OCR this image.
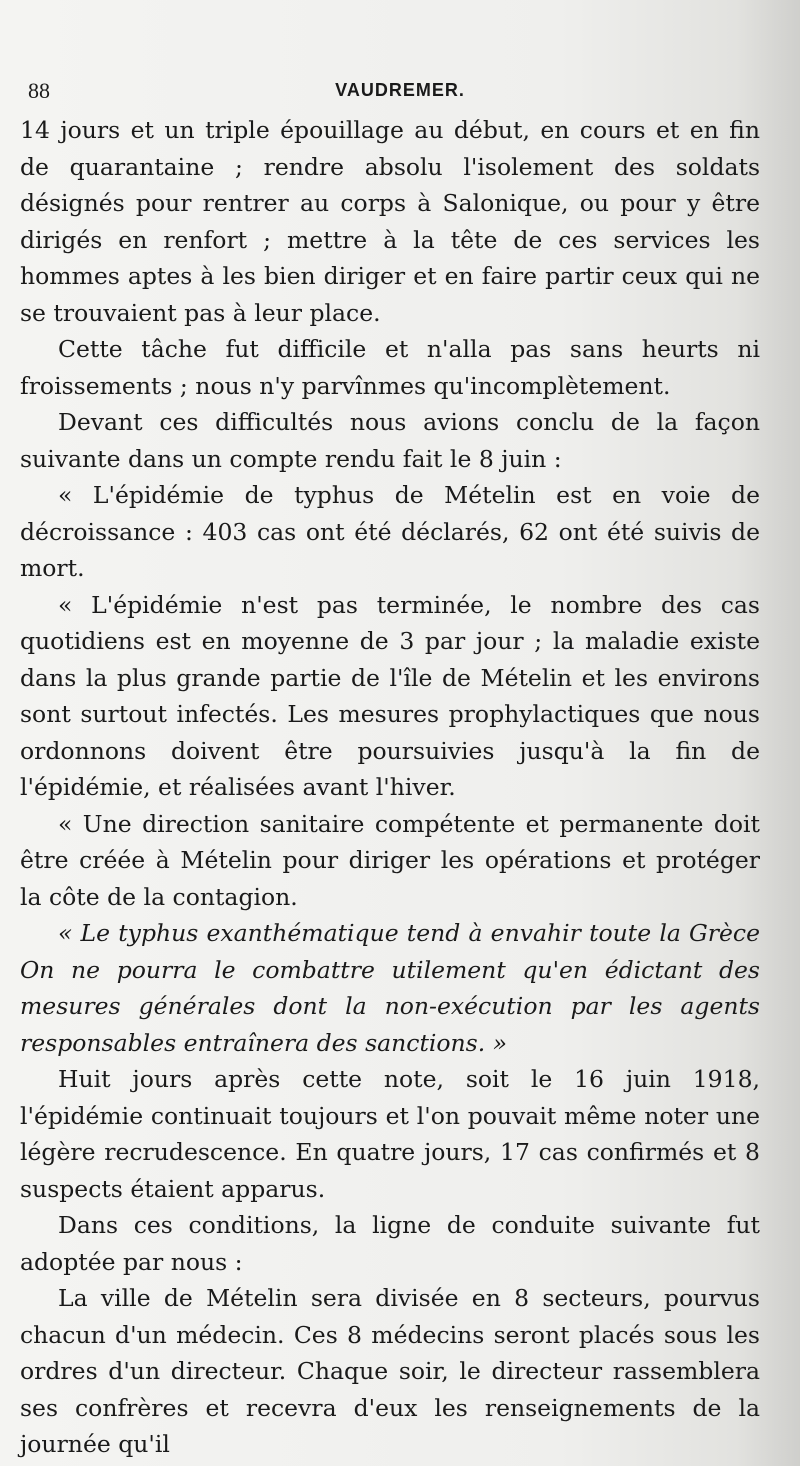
88	VAUDREMER.

14 jours et un triple épouillage au début, en cours et en fin de quarantaine ; rendre absolu l'isolement des soldats désignés pour rentrer au corps à Salonique, ou pour y être dirigés en renfort ; mettre à la tête de ces services les hommes aptes à les bien diriger et en faire partir ceux qui ne se trouvaient pas à leur place.

Cette tâche fut difficile et n'alla pas sans heurts ni froissements ; nous n'y parvînmes qu'incomplètement.

Devant ces difficultés nous avions conclu de la façon suivante dans un compte rendu fait le 8 juin :

« L'épidémie de typhus de Mételin est en voie de décroissance : 403 cas ont été déclarés, 62 ont été suivis de mort.

« L'épidémie n'est pas terminée, le nombre des cas quotidiens est en moyenne de 3 par jour ; la maladie existe dans la plus grande partie de l'île de Mételin et les environs sont surtout infectés. Les mesures prophylactiques que nous ordonnons doivent être poursuivies jusqu'à la fin de l'épidémie, et réalisées avant l'hiver.

« Une direction sanitaire compétente et permanente doit être créée à Mételin pour diriger les opérations et protéger la côte de la contagion.

« Le typhus exanthématique tend à envahir toute la Grèce On ne pourra le combattre utilement qu'en édictant des mesures générales dont la non-exécution par les agents responsables entraînera des sanctions. »

Huit jours après cette note, soit le 16 juin 1918, l'épidémie continuait toujours et l'on pouvait même noter une légère recrudescence. En quatre jours, 17 cas confirmés et 8 suspects étaient apparus.

Dans ces conditions, la ligne de conduite suivante fut adoptée par nous :

La ville de Mételin sera divisée en 8 secteurs, pourvus chacun d'un médecin. Ces 8 médecins seront placés sous les ordres d'un directeur. Chaque soir, le directeur rassemblera ses confrères et recevra d'eux les renseignements de la journée qu'il
